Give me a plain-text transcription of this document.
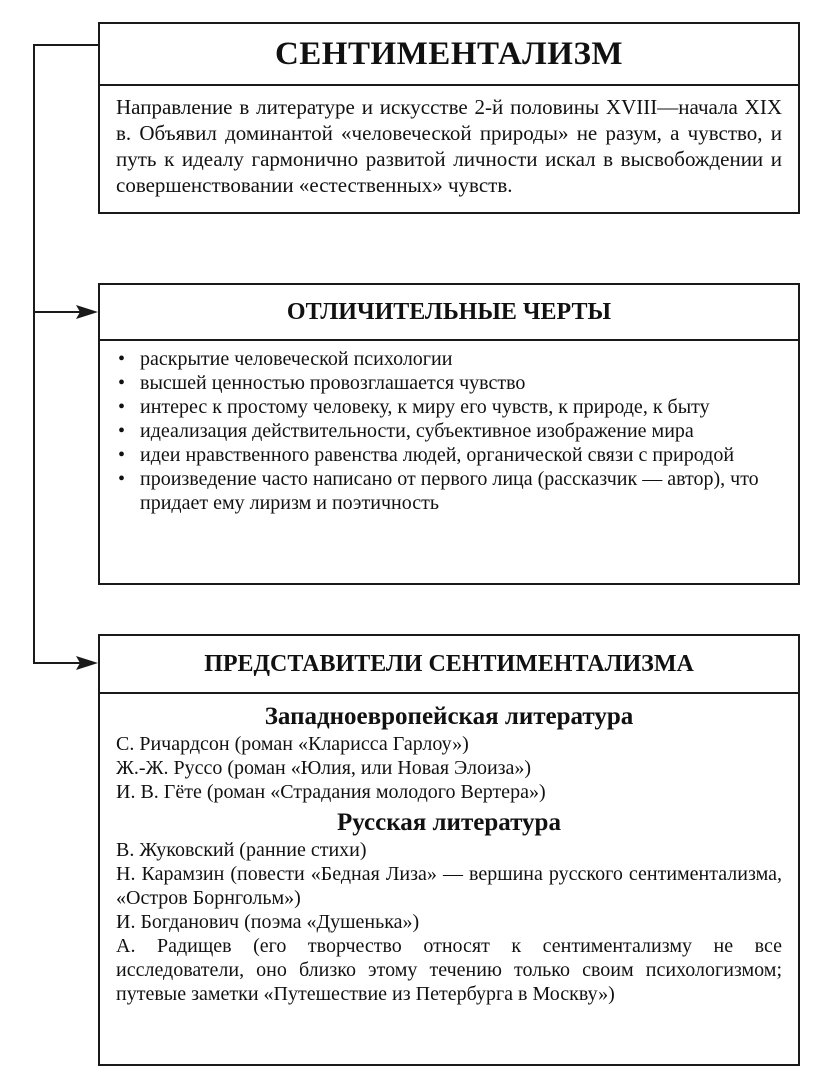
СЕНТИМЕНТАЛИЗМ
Направление в литературе и искусстве 2-й половины XVIII—начала XIX в. Объявил доминантой «человеческой природы» не разум, а чувство, и путь к идеалу гармонично развитой личности искал в высвобождении и совершенствовании «естественных» чувств.
ОТЛИЧИТЕЛЬНЫЕ ЧЕРТЫ
• раскрытие человеческой психологии
• высшей ценностью провозглашается чувство
• интерес к простому человеку, к миру его чувств, к природе, к быту
• идеализация действительности, субъективное изображение мира
• идеи нравственного равенства людей, органической связи с природой
• произведение часто написано от первого лица (рассказчик — автор), что придает ему лиризм и поэтичность
ПРЕДСТАВИТЕЛИ СЕНТИМЕНТАЛИЗМА
Западноевропейская литература
С. Ричардсон (роман «Кларисса Гарлоу»)
Ж.-Ж. Руссо (роман «Юлия, или Новая Элоиза»)
И. В. Гёте (роман «Страдания молодого Вертера»)
Русская литература
В. Жуковский (ранние стихи)
Н. Карамзин (повести «Бедная Лиза» — вершина русского сентиментализма, «Остров Борнгольм»)
И. Богданович (поэма «Душенька»)
А. Радищев (его творчество относят к сентиментализму не все исследователи, оно близко этому течению только своим психологизмом; путевые заметки «Путешествие из Петербурга в Москву»)
